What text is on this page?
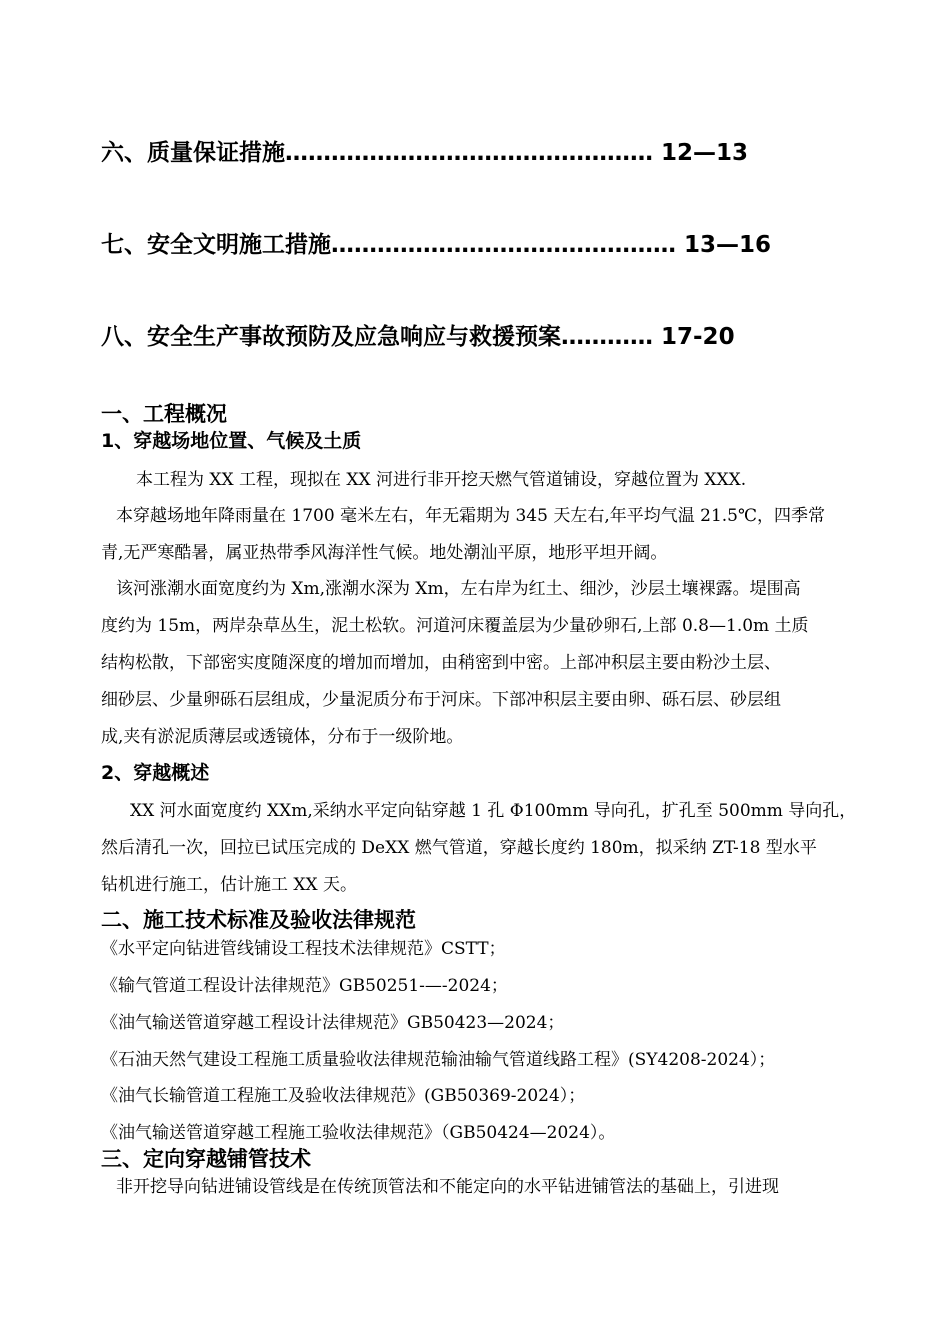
六、质量保证措施………………………………………… 12—13
七、安全文明施工措施……………………………………… 13—16
八、安全生产事故预防及应急响应与救援预案………… 17-20
一、工程概况
1、穿越场地位置、气候及土质
本工程为 XX 工程，现拟在 XX 河进行非开挖天燃气管道铺设，穿越位置为 XXX.
本穿越场地年降雨量在 1700 毫米左右，年无霜期为 345 天左右,年平均气温 21.5℃，四季常
青,无严寒酷暑，属亚热带季风海洋性气候。地处潮汕平原，地形平坦开阔。
该河涨潮水面宽度约为 Xm,涨潮水深为 Xm，左右岸为红土、细沙，沙层土壤裸露。堤围高
度约为 15m，两岸杂草丛生，泥土松软。河道河床覆盖层为少量砂卵石,上部 0.8—1.0m 土质
结构松散，下部密实度随深度的增加而增加，由稍密到中密。上部冲积层主要由粉沙土层、
细砂层、少量卵砾石层组成，少量泥质分布于河床。下部冲积层主要由卵、砾石层、砂层组
成,夹有淤泥质薄层或透镜体，分布于一级阶地。
2、穿越概述
XX 河水面宽度约 XXm,采纳水平定向钻穿越 1 孔 Φ100mm 导向孔，扩孔至 500mm 导向孔，
然后清孔一次，回拉已试压完成的 DeXX 燃气管道，穿越长度约 180m，拟采纳 ZT-18 型水平
钻机进行施工，估计施工 XX 天。
二、施工技术标准及验收法律规范
《水平定向钻进管线铺设工程技术法律规范》CSTT；
《输气管道工程设计法律规范》GB50251-—-2024；
《油气输送管道穿越工程设计法律规范》GB50423—2024；
《石油天然气建设工程施工质量验收法律规范输油输气管道线路工程》(SY4208-2024）；
《油气长输管道工程施工及验收法律规范》(GB50369-2024）；
《油气输送管道穿越工程施工验收法律规范》（GB50424—2024）。
三、定向穿越铺管技术
非开挖导向钻进铺设管线是在传统顶管法和不能定向的水平钻进铺管法的基础上，引进现
